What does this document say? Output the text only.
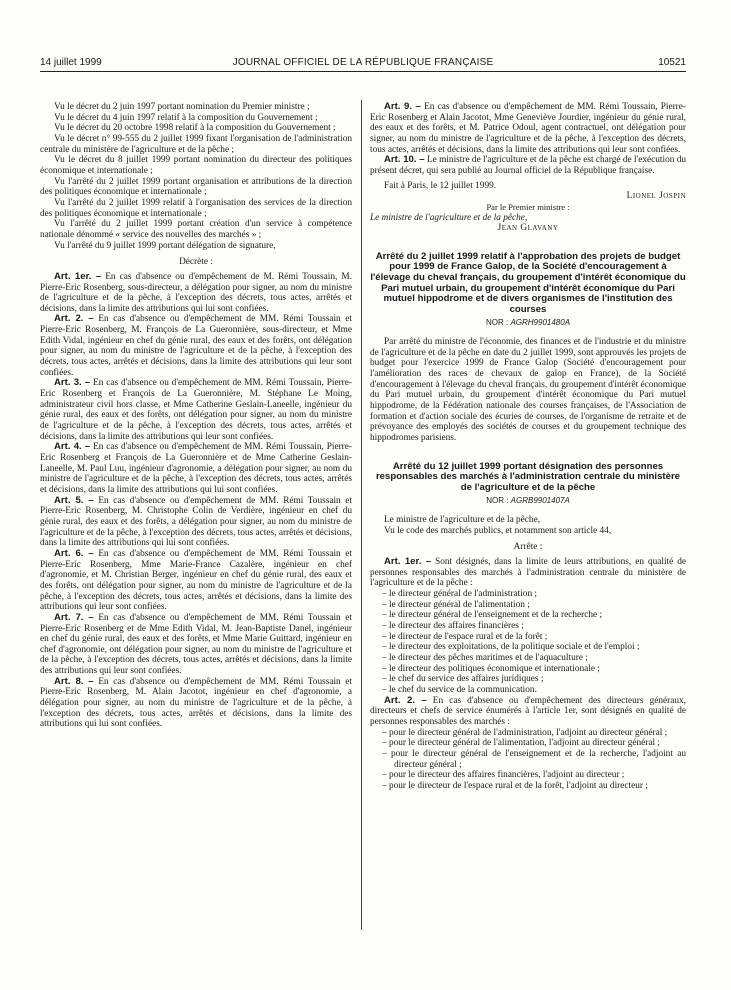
14 juillet 1999	JOURNAL OFFICIEL DE LA RÉPUBLIQUE FRANÇAISE	10521

Vu le décret du 2 juin 1997 portant nomination du Premier ministre ;

Vu le décret du 4 juin 1997 relatif à la composition du Gouvernement ;

Vu le décret du 20 octobre 1998 relatif à la composition du Gouvernement ;

Vu le décret n° 99-555 du 2 juillet 1999 fixant l'organisation de l'administration centrale du ministère de l'agriculture et de la pêche ;

Vu le décret du 8 juillet 1999 portant nomination du directeur des politiques économique et internationale ;

Vu l'arrêté du 2 juillet 1999 portant organisation et attributions de la direction des politiques économique et internationale ;

Vu l'arrêté du 2 juillet 1999 relatif à l'organisation des services de la direction des politiques économique et internationale ;

Vu l'arrêté du 2 juillet 1999 portant création d'un service à compétence nationale dénommé « service des nouvelles des marchés » ;

Vu l'arrêté du 9 juillet 1999 portant délégation de signature,

Décrète :

Art. 1er. – En cas d'absence ou d'empêchement de M. Rémi Toussain, M. Pierre-Eric Rosenberg, sous-directeur, a délégation pour signer, au nom du ministre de l'agriculture et de la pêche, à l'exception des décrets, tous actes, arrêtés et décisions, dans la limite des attributions qui lui sont confiées.

Art. 2. – En cas d'absence ou d'empêchement de MM. Rémi Toussain et Pierre-Eric Rosenberg, M. François de La Gueronnière, sous-directeur, et Mme Edith Vidal, ingénieur en chef du génie rural, des eaux et des forêts, ont délégation pour signer, au nom du ministre de l'agriculture et de la pêche, à l'exception des décrets, tous actes, arrêtés et décisions, dans la limite des attributions qui leur sont confiées.

Art. 3. – En cas d'absence ou d'empêchement de MM. Rémi Toussain, Pierre-Eric Rosenberg et François de La Gueronnière, M. Stéphane Le Moing, administrateur civil hors classe, et Mme Catherine Geslain-Laneelle, ingénieur du génie rural, des eaux et des forêts, ont délégation pour signer, au nom du ministre de l'agriculture et de la pêche, à l'exception des décrets, tous actes, arrêtés et décisions, dans la limite des attributions qui leur sont confiées.

Art. 4. – En cas d'absence ou d'empêchement de MM. Rémi Toussain, Pierre-Eric Rosenberg et François de La Gueronnière et de Mme Catherine Geslain-Laneelle, M. Paul Luu, ingénieur d'agronomie, a délégation pour signer, au nom du ministre de l'agriculture et de la pêche, à l'exception des décrets, tous actes, arrêtés et décisions, dans la limite des attributions qui lui sont confiées.

Art. 5. – En cas d'absence ou d'empêchement de MM. Rémi Toussain et Pierre-Eric Rosenberg, M. Christophe Colin de Verdière, ingénieur en chef du génie rural, des eaux et des forêts, a délégation pour signer, au nom du ministre de l'agriculture et de la pêche, à l'exception des décrets, tous actes, arrêtés et décisions, dans la limite des attributions qui lui sont confiées.

Art. 6. – En cas d'absence ou d'empêchement de MM. Rémi Toussain et Pierre-Eric Rosenberg, Mme Marie-France Cazalère, ingénieur en chef d'agronomie, et M. Christian Berger, ingénieur en chef du génie rural, des eaux et des forêts, ont délégation pour signer, au nom du ministre de l'agriculture et de la pêche, à l'exception des décrets, tous actes, arrêtés et décisions, dans la limite des attributions qui leur sont confiées.

Art. 7. – En cas d'absence ou d'empêchement de MM. Rémi Toussain et Pierre-Eric Rosenberg et de Mme Edith Vidal, M. Jean-Baptiste Danel, ingénieur en chef du génie rural, des eaux et des forêts, et Mme Marie Guittard, ingénieur en chef d'agronomie, ont délégation pour signer, au nom du ministre de l'agriculture et de la pêche, à l'exception des décrets, tous actes, arrêtés et décisions, dans la limite des attributions qui leur sont confiées.

Art. 8. – En cas d'absence ou d'empêchement de MM. Rémi Toussain et Pierre-Eric Rosenberg, M. Alain Jacotot, ingénieur en chef d'agronomie, a délégation pour signer, au nom du ministre de l'agriculture et de la pêche, à l'exception des décrets, tous actes, arrêtés et décisions, dans la limite des attributions qui lui sont confiées.

Art. 9. – En cas d'absence ou d'empêchement de MM. Rémi Toussain, Pierre-Eric Rosenberg et Alain Jacotot, Mme Geneviève Jourdier, ingénieur du génie rural, des eaux et des forêts, et M. Patrice Odoul, agent contractuel, ont délégation pour signer, au nom du ministre de l'agriculture et de la pêche, à l'exception des décrets, tous actes, arrêtés et décisions, dans la limite des attributions qui leur sont confiées.

Art. 10. – Le ministre de l'agriculture et de la pêche est chargé de l'exécution du présent décret, qui sera publié au Journal officiel de la République française.

Fait à Paris, le 12 juillet 1999.

Lionel Jospin

Par le Premier ministre :

Le ministre de l'agriculture et de la pêche,

Jean Glavany

Arrêté du 2 juillet 1999 relatif à l'approbation des projets de budget pour 1999 de France Galop, de la Société d'encouragement à l'élevage du cheval français, du groupement d'intérêt économique du Pari mutuel urbain, du groupement d'intérêt économique du Pari mutuel hippodrome et de divers organismes de l'institution des courses
NOR : AGRH9901480A

Par arrêté du ministre de l'économie, des finances et de l'industrie et du ministre de l'agriculture et de la pêche en date du 2 juillet 1999, sont approuvés les projets de budget pour l'exercice 1999 de France Galop (Société d'encouragement pour l'amélioration des races de chevaux de galop en France), de la Société d'encouragement à l'élevage du cheval français, du groupement d'intérêt économique du Pari mutuel urbain, du groupement d'intérêt économique du Pari mutuel hippodrome, de la Fédération nationale des courses françaises, de l'Association de formation et d'action sociale des écuries de courses, de l'organisme de retraite et de prévoyance des employés des sociétés de courses et du groupement technique des hippodromes parisiens.

Arrêté du 12 juillet 1999 portant désignation des personnes responsables des marchés à l'administration centrale du ministère de l'agriculture et de la pêche
NOR : AGRB9901407A

Le ministre de l'agriculture et de la pêche,

Vu le code des marchés publics, et notamment son article 44,

Arrête :

Art. 1er. – Sont désignés, dans la limite de leurs attributions, en qualité de personnes responsables des marchés à l'administration centrale du ministère de l'agriculture et de la pêche :

– le directeur général de l'administration ;

– le directeur général de l'alimentation ;

– le directeur général de l'enseignement et de la recherche ;

– le directeur des affaires financières ;

– le directeur de l'espace rural et de la forêt ;

– le directeur des exploitations, de la politique sociale et de l'emploi ;

– le directeur des pêches maritimes et de l'aquaculture ;

– le directeur des politiques économique et internationale ;

– le chef du service des affaires juridiques ;

– le chef du service de la communication.

Art. 2. – En cas d'absence ou d'empêchement des directeurs généraux, directeurs et chefs de service énumérés à l'article 1er, sont désignés en qualité de personnes responsables des marchés :

– pour le directeur général de l'administration, l'adjoint au directeur général ;

– pour le directeur général de l'alimentation, l'adjoint au directeur général ;

– pour le directeur général de l'enseignement et de la recherche, l'adjoint au directeur général ;

– pour le directeur des affaires financières, l'adjoint au directeur ;

– pour le directeur de l'espace rural et de la forêt, l'adjoint au directeur ;
